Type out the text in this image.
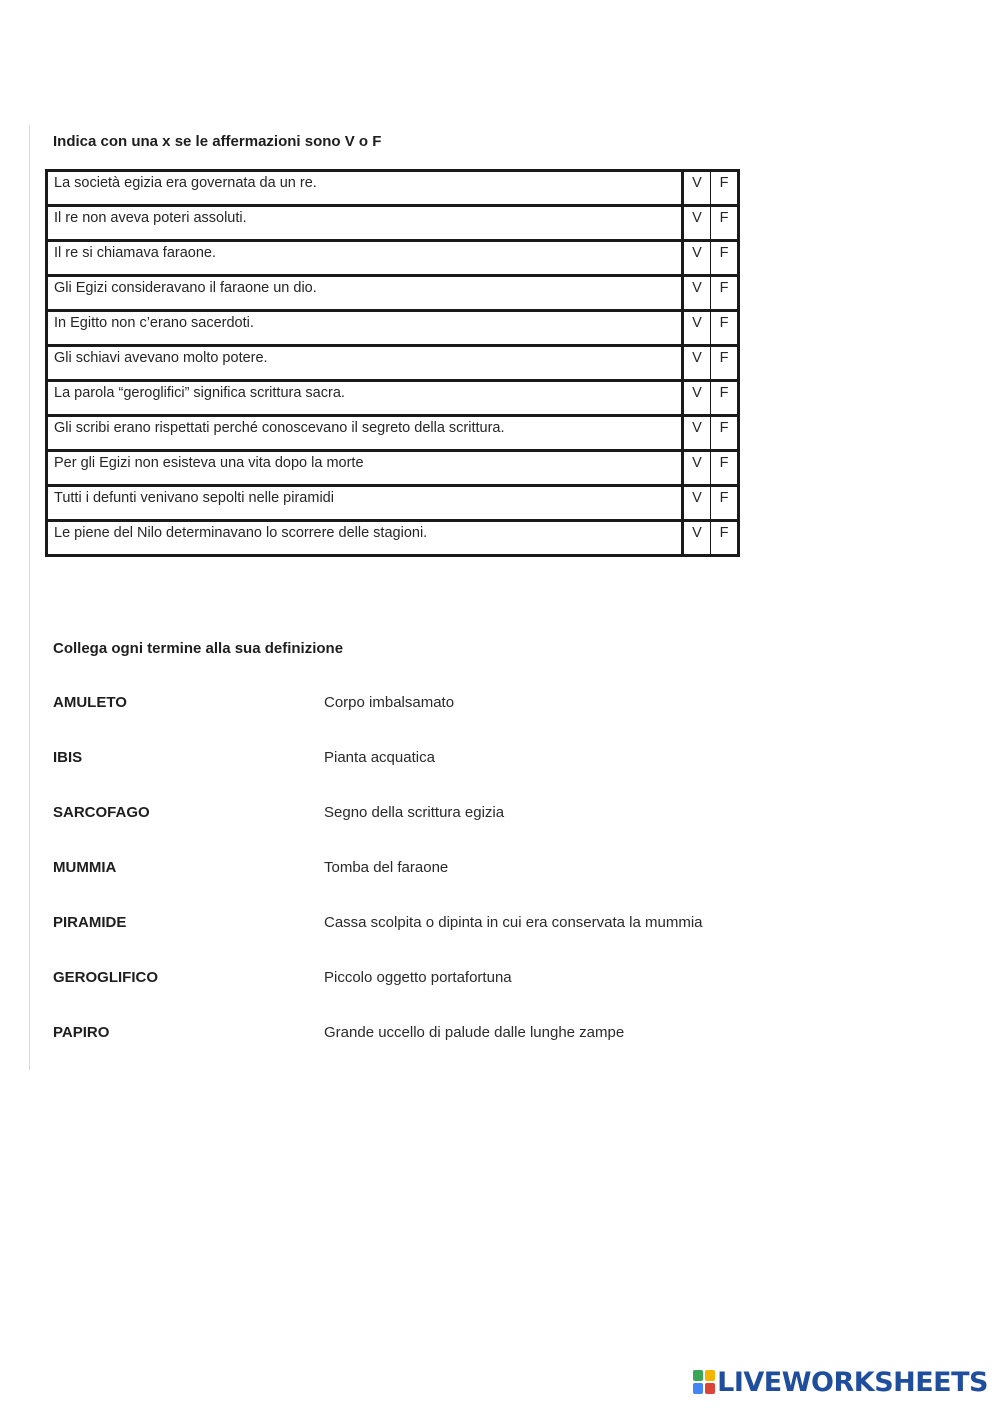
Indica con una x se le affermazioni sono V o F
La società egizia era governata da un re.	V	F
Il re non aveva poteri assoluti.	V	F
Il re si chiamava faraone.	V	F
Gli Egizi consideravano il faraone un dio.	V	F
In Egitto non c’erano sacerdoti.	V	F
Gli schiavi avevano molto potere.	V	F
La parola “geroglifici” significa scrittura sacra.	V	F
Gli scribi erano rispettati perché conoscevano il segreto della scrittura.	V	F
Per gli Egizi non esisteva una vita dopo la morte	V	F
Tutti i defunti venivano sepolti nelle piramidi	V	F
Le piene del Nilo determinavano lo scorrere delle stagioni.	V	F
Collega ogni termine alla sua definizione
AMULETO	Corpo imbalsamato
IBIS	Pianta acquatica
SARCOFAGO	Segno della scrittura egizia
MUMMIA	Tomba del faraone
PIRAMIDE	Cassa scolpita o dipinta in cui era conservata la mummia
GEROGLIFICO	Piccolo oggetto portafortuna
PAPIRO	Grande uccello di palude dalle lunghe zampe
LIVEWORKSHEETS
